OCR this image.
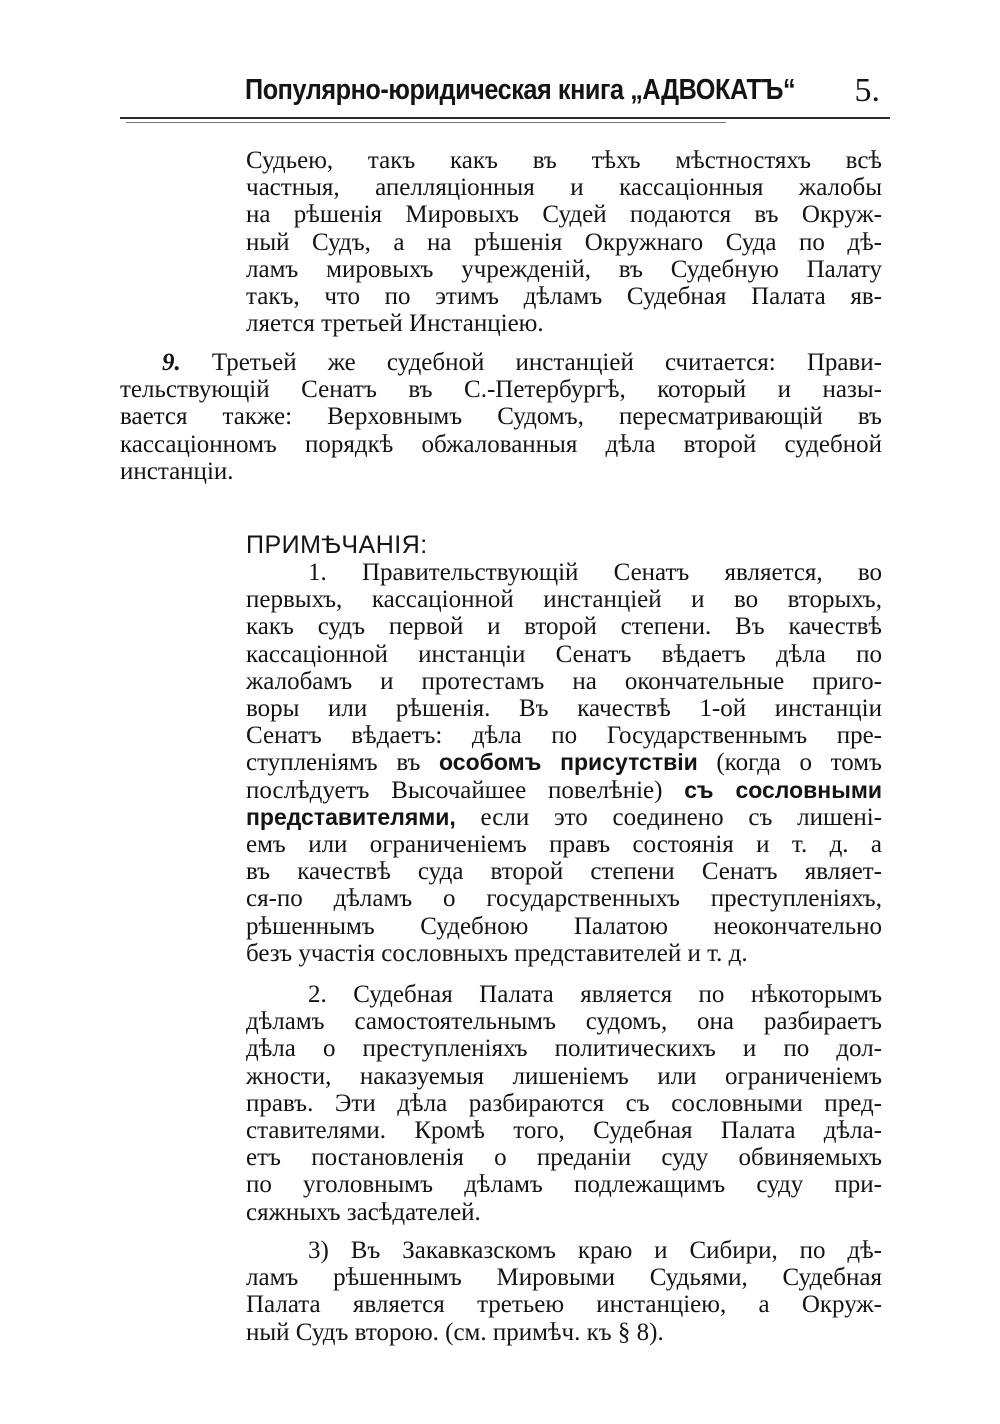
Популярно-юридическая книга „АДВОКАТЪ“ 5.
Судьею, такъ какъ въ тѣхъ мѣстностяхъ всѣ
частныя, апелляціонныя и кассаціонныя жалобы
на рѣшенія Мировыхъ Судей подаются въ Окруж-
ный Судъ, а на рѣшенія Окружнаго Суда по дѣ-
ламъ мировыхъ учрежденій, въ Судебную Палату
такъ, что по этимъ дѣламъ Судебная Палата яв-
ляется третьей Инстанціею.
9. Третьей же судебной инстанціей считается: Прави-
тельствующій Сенатъ въ С.-Петербургѣ, который и назы-
вается также: Верховнымъ Судомъ, пересматривающій въ
кассаціонномъ порядкѣ обжалованныя дѣла второй судебной
инстанціи.
ПРИМѢЧАНІЯ:
1. Правительствующій Сенатъ является, во
первыхъ, кассаціонной инстанціей и во вторыхъ,
какъ судъ первой и второй степени. Въ качествѣ
кассаціонной инстанціи Сенатъ вѣдаетъ дѣла по
жалобамъ и протестамъ на окончательные приго-
воры или рѣшенія. Въ качествѣ 1-ой инстанціи
Сенатъ вѣдаетъ: дѣла по Государственнымъ пре-
ступленіямъ въ особомъ присутствіи (когда о томъ
послѣдуетъ Высочайшее повелѣніе) съ сословными
представителями, если это соединено съ лишені-
емъ или ограниченіемъ правъ состоянія и т. д. а
въ качествѣ суда второй степени Сенатъ являет-
ся-по дѣламъ о государственныхъ преступленіяхъ,
рѣшеннымъ Судебною Палатою неокончательно
безъ участія сословныхъ представителей и т. д.
2. Судебная Палата является по нѣкоторымъ
дѣламъ самостоятельнымъ судомъ, она разбираетъ
дѣла о преступленіяхъ политическихъ и по дол-
жности, наказуемыя лишеніемъ или ограниченіемъ
правъ. Эти дѣла разбираются съ сословными пред-
ставителями. Кромѣ того, Судебная Палата дѣла-
етъ постановленія о преданіи суду обвиняемыхъ
по уголовнымъ дѣламъ подлежащимъ суду при-
сяжныхъ засѣдателей.
3) Въ Закавказскомъ краю и Сибири, по дѣ-
ламъ рѣшеннымъ Мировыми Судьями, Судебная
Палата является третьею инстанціею, а Окруж-
ный Судъ второю. (см. примѣч. къ § 8).
